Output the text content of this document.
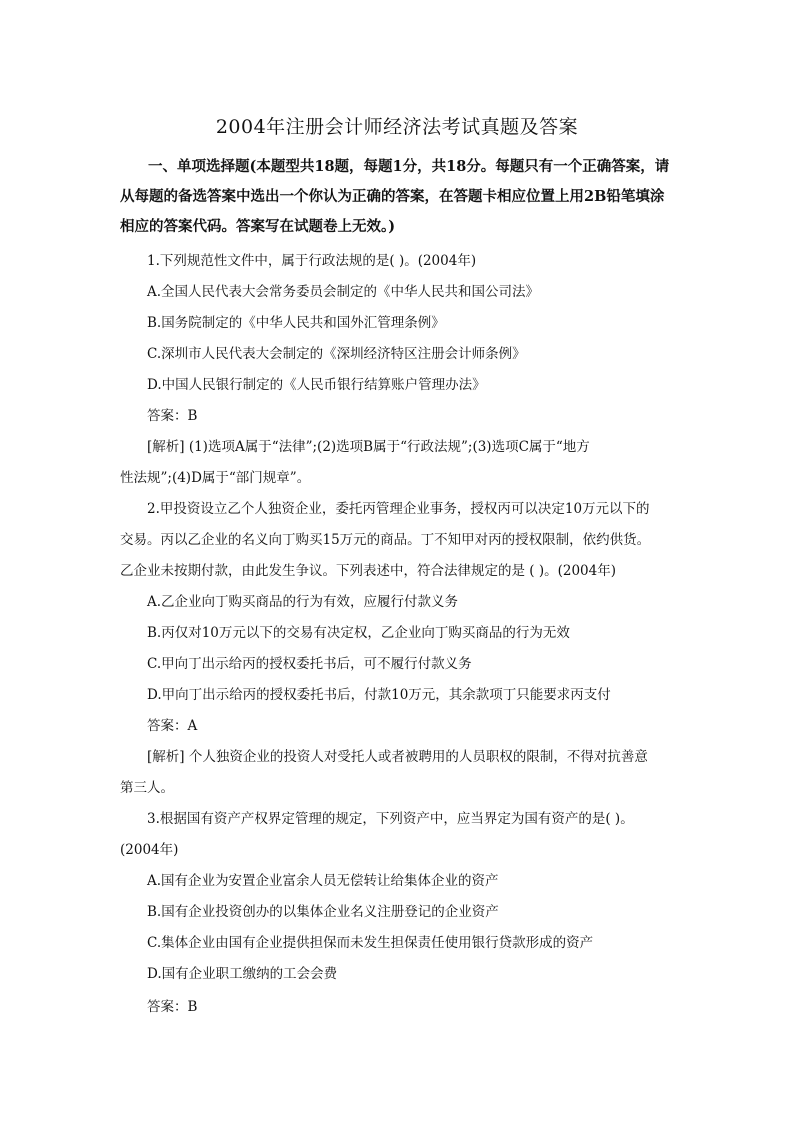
2004年注册会计师经济法考试真题及答案
一、单项选择题(本题型共18题，每题1分，共18分。每题只有一个正确答案，请从每题的备选答案中选出一个你认为正确的答案，在答题卡相应位置上用2B铅笔填涂相应的答案代码。答案写在试题卷上无效。)
1.下列规范性文件中，属于行政法规的是( )。(2004年)
A.全国人民代表大会常务委员会制定的《中华人民共和国公司法》
B.国务院制定的《中华人民共和国外汇管理条例》
C.深圳市人民代表大会制定的《深圳经济特区注册会计师条例》
D.中国人民银行制定的《人民币银行结算账户管理办法》
答案：B
[解析] (1)选项A属于“法律”;(2)选项B属于“行政法规”;(3)选项C属于“地方
性法规”;(4)D属于“部门规章”。
2.甲投资设立乙个人独资企业，委托丙管理企业事务，授权丙可以决定10万元以下的
交易。丙以乙企业的名义向丁购买15万元的商品。丁不知甲对丙的授权限制，依约供货。
乙企业未按期付款，由此发生争议。下列表述中，符合法律规定的是 ( )。(2004年)
A.乙企业向丁购买商品的行为有效，应履行付款义务
B.丙仅对10万元以下的交易有决定权，乙企业向丁购买商品的行为无效
C.甲向丁出示给丙的授权委托书后，可不履行付款义务
D.甲向丁出示给丙的授权委托书后，付款10万元，其余款项丁只能要求丙支付
答案：A
[解析] 个人独资企业的投资人对受托人或者被聘用的人员职权的限制，不得对抗善意
第三人。
3.根据国有资产产权界定管理的规定，下列资产中，应当界定为国有资产的是( )。
(2004年)
A.国有企业为安置企业富余人员无偿转让给集体企业的资产
B.国有企业投资创办的以集体企业名义注册登记的企业资产
C.集体企业由国有企业提供担保而未发生担保责任使用银行贷款形成的资产
D.国有企业职工缴纳的工会会费
答案：B
